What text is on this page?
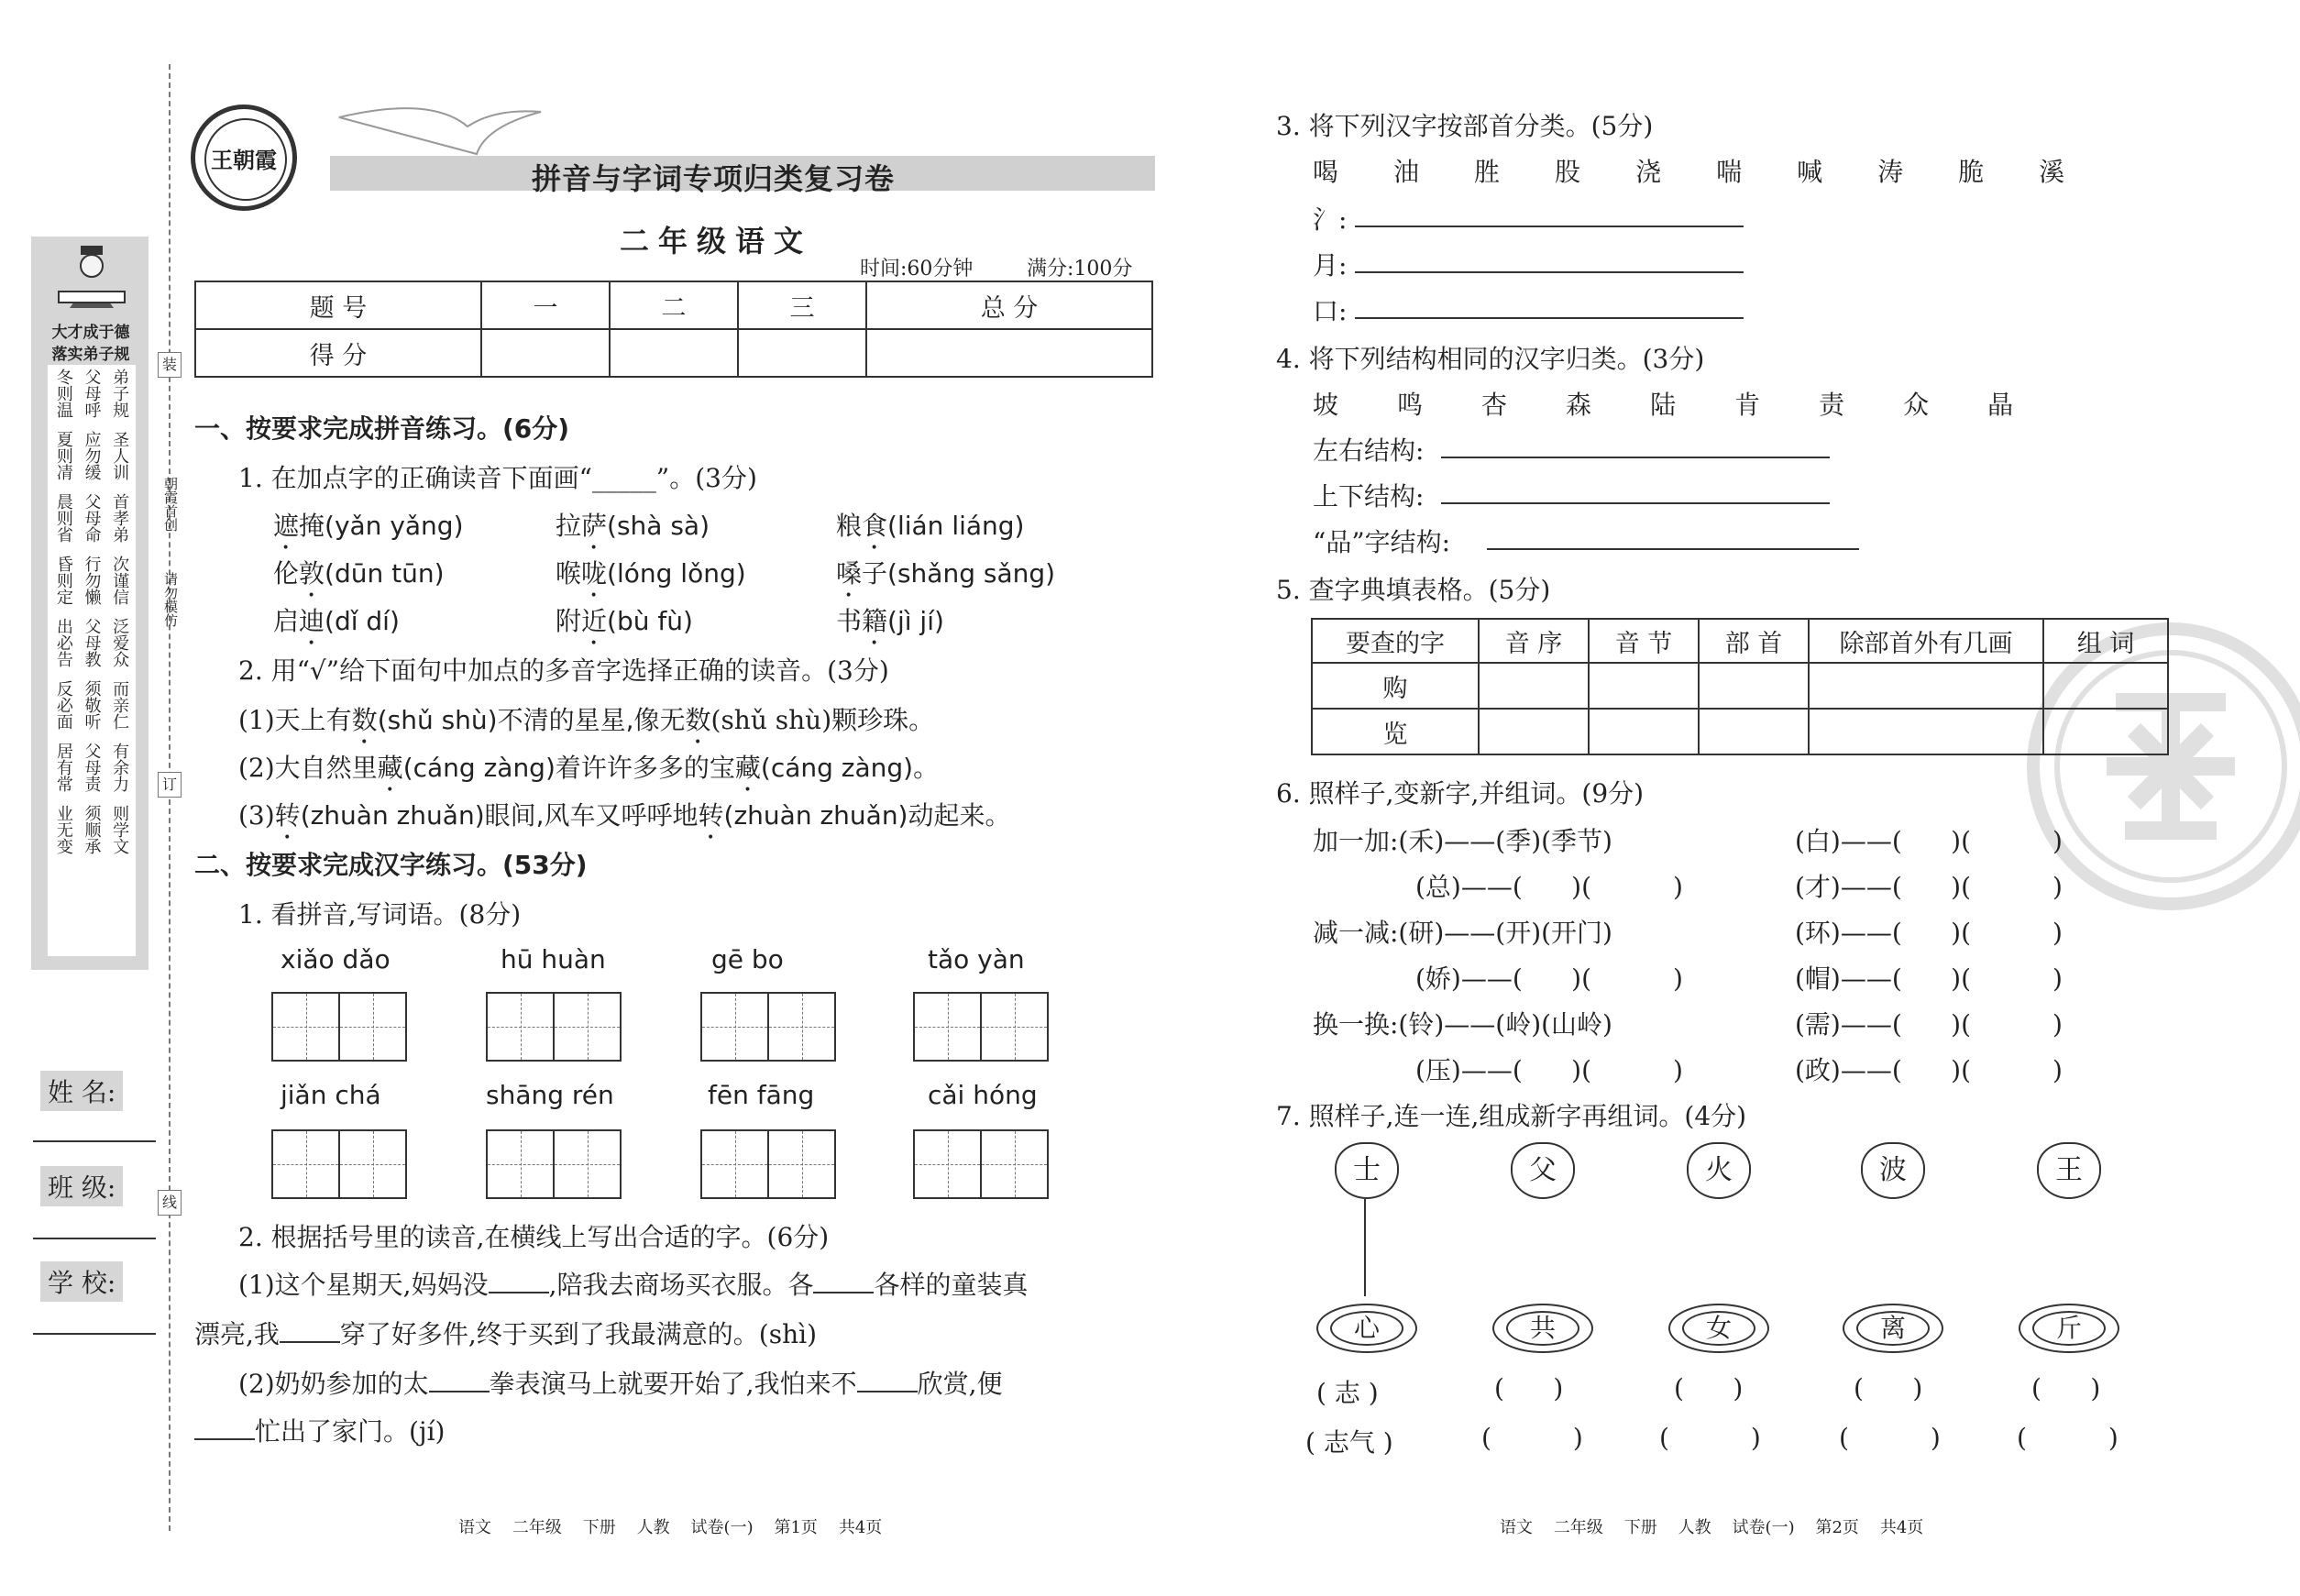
大才成于德
落实弟子规
冬则温
夏则凊
晨则省
昏则定
出必告
反必面
居有常
业无变
父母呼
应勿缓
父母命
行勿懒
父母教
须敬听
父母责
须顺承
弟子规
圣人训
首孝弟
次谨信
泛爱众
而亲仁
有余力
则学文
姓 名:
班 级:
学 校:
装
订
线
朝霞首创
请勿模仿
王朝霞
拼音与字词专项归类复习卷
二年级语文
时间:60分钟	满分:100分
题 号	一	二	三	总 分
得 分				
一、按要求完成拼音练习。(6分)
1. 在加点字的正确读音下面画“_____”。(3分)
遮掩(yǎn yǎng)	拉萨(shà sà)	粮食(lián liáng)
伦敦(dūn tūn)	喉咙(lóng lǒng)	嗓子(shǎng sǎng)
启迪(dǐ dí)	附近(bù fù)	书籍(jì jí)
2. 用“√”给下面句中加点的多音字选择正确的读音。(3分)
(1)天上有数(shǔ shù)不清的星星,像无数(shǔ shù)颗珍珠。
(2)大自然里藏(cáng zàng)着许许多多的宝藏(cáng zàng)。
(3)转(zhuàn zhuǎn)眼间,风车又呼呼地转(zhuàn zhuǎn)动起来。
二、按要求完成汉字练习。(53分)
1. 看拼音,写词语。(8分)
xiǎo dǎo	hū huàn	gē bo	tǎo yàn
jiǎn chá	shāng rén	fēn fāng	cǎi hóng
2. 根据括号里的读音,在横线上写出合适的字。(6分)
(1)这个星期天,妈妈没 ,陪我去商场买衣服。各 各样的童装真
漂亮,我 穿了好多件,终于买到了我最满意的。(shì)
(2)奶奶参加的太 拳表演马上就要开始了,我怕来不 欣赏,便
忙出了家门。(jí)
语文    二年级    下册    人教    试卷(一)    第1页    共4页
3. 将下列汉字按部首分类。(5分)
喝 油 胜 股 浇 喘 喊 涛 脆 溪
氵:
月:
口:
4. 将下列结构相同的汉字归类。(3分)
坡 鸣 杏 森 陆 肯 责 众 晶
左右结构:
上下结构:
“品”字结构:
5. 查字典填表格。(5分)
要查的字	音 序	音 节	部 首	除部首外有几画	组 词
购					
览					
6. 照样子,变新字,并组词。(9分)
加一加:(禾)——(季)(季节)	(白)——(      )(          )
(总)——(      )(          )	(才)——(      )(          )
减一减:(研)——(开)(开门)	(环)——(      )(          )
(娇)——(      )(          )	(帽)——(      )(          )
换一换:(铃)——(岭)(山岭)	(需)——(      )(          )
(压)——(      )(          )	(政)——(      )(          )
7. 照样子,连一连,组成新字再组词。(4分)
士	父	火	波	王
心	共	女	离	斤
( 志 )	(      )	(      )	(      )	(      )
( 志气 )	(          )	(          )	(          )	(          )
语文    二年级    下册    人教    试卷(一)    第2页    共4页
